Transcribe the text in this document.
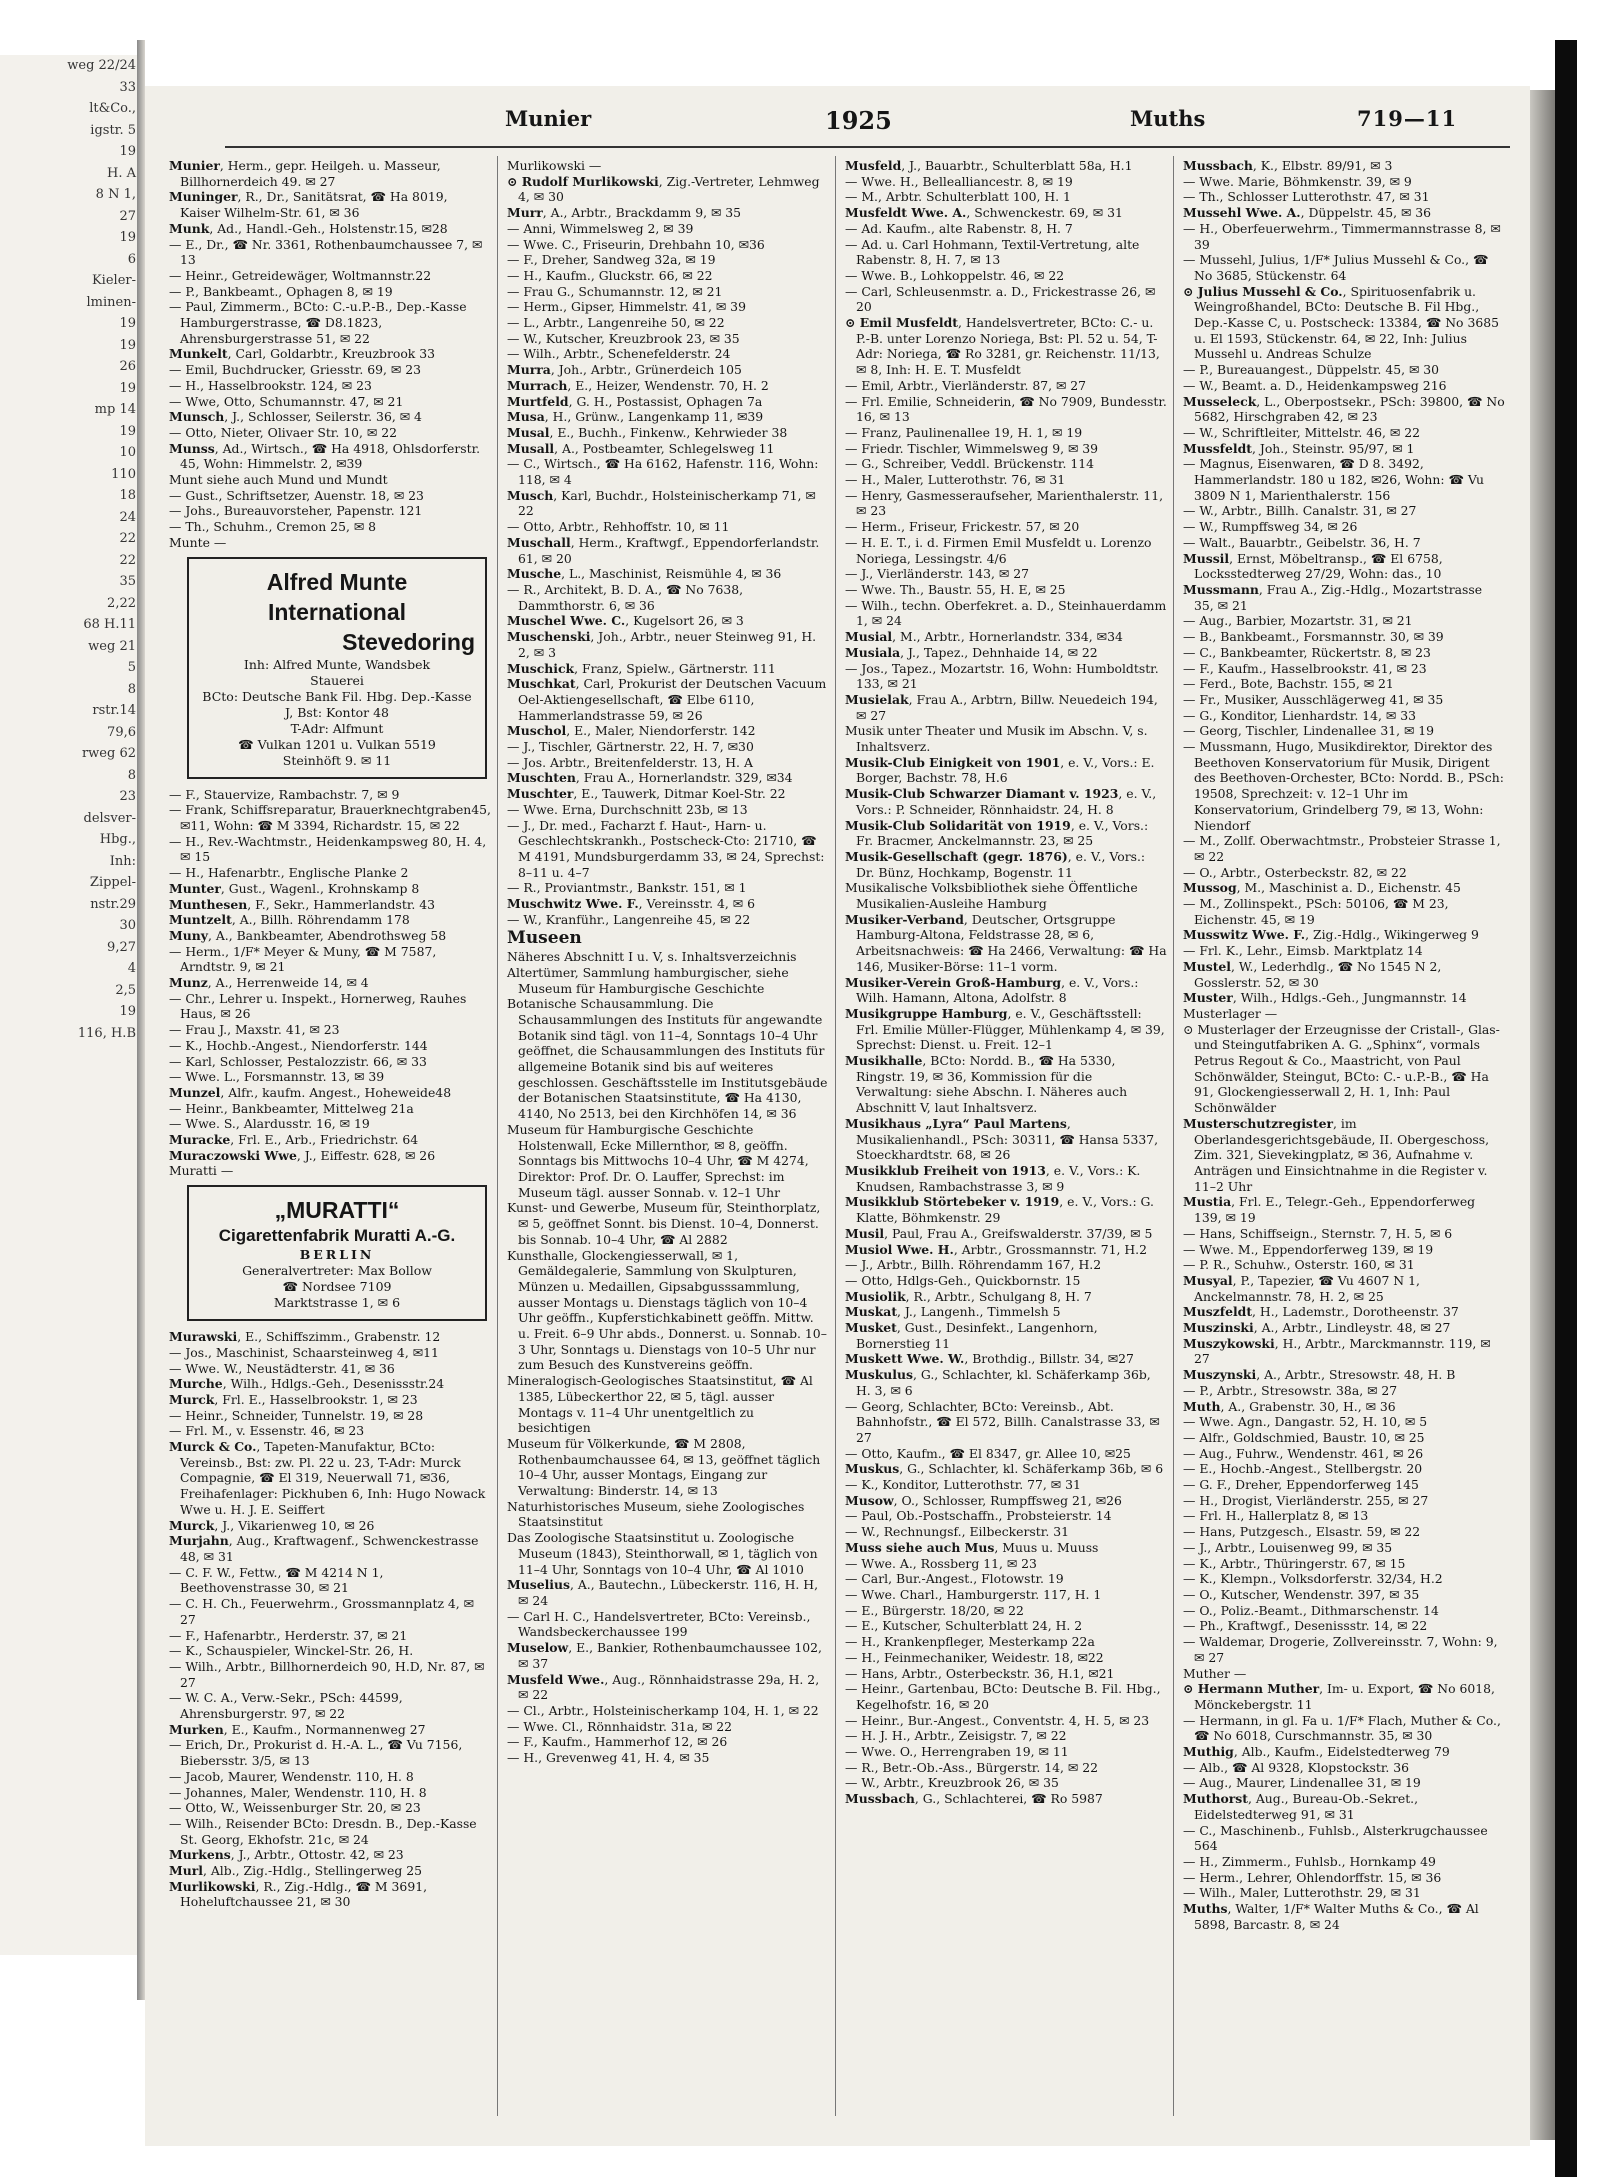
weg 22/24
33
lt&Co.,
igstr. 5
19
H. A
8 N 1,
27
19
6
Kieler-
lminen-
19
19
26
19
mp 14
19
10
110
18
24
22
22
35
2,22
68 H.11
weg 21
5
8
rstr.14
79,6
rweg 62
8
23
delsver-
Hbg.,
Inh:
Zippel-
nstr.29
30
9,27
4
2,5
19
116, H.B
Munier	1925	Muths	719—11
Munier, Herm., gepr. Heilgeh. u. Masseur, Billhornerdeich 49. ✉ 27
Muninger, R., Dr., Sanitätsrat, ☎ Ha 8019, Kaiser Wilhelm-Str. 61, ✉ 36
Munk, Ad., Handl.-Geh., Holstenstr.15, ✉28
— E., Dr., ☎ Nr. 3361, Rothenbaumchaussee 7, ✉ 13
— Heinr., Getreidewäger, Woltmannstr.22
— P., Bankbeamt., Ophagen 8, ✉ 19
— Paul, Zimmerm., BCto: C.-u.P.-B., Dep.-Kasse Hamburgerstrasse, ☎ D8.1823, Ahrensburgerstrasse 51, ✉ 22
Munkelt, Carl, Goldarbtr., Kreuzbrook 33
— Emil, Buchdrucker, Griesstr. 69, ✉ 23
— H., Hasselbrookstr. 124, ✉ 23
— Wwe, Otto, Schumannstr. 47, ✉ 21
Munsch, J., Schlosser, Seilerstr. 36, ✉ 4
— Otto, Nieter, Olivaer Str. 10, ✉ 22
Munss, Ad., Wirtsch., ☎ Ha 4918, Ohlsdorferstr. 45, Wohn: Himmelstr. 2, ✉39
Munt siehe auch Mund und Mundt
— Gust., Schriftsetzer, Auenstr. 18, ✉ 23
— Johs., Bureauvorsteher, Papenstr. 121
— Th., Schuhm., Cremon 25, ✉ 8
Munte —
Alfred Munte
International
Stevedoring
Inh: Alfred Munte, Wandsbek
Stauerei
BCto: Deutsche Bank Fil. Hbg. Dep.-Kasse J, Bst: Kontor 48
T-Adr: Alfmunt
☎ Vulkan 1201 u. Vulkan 5519
Steinhöft 9. ✉ 11
— F., Stauervize, Rambachstr. 7, ✉ 9
— Frank, Schiffsreparatur, Brauerknechtgraben45, ✉11, Wohn: ☎ M 3394, Richardstr. 15, ✉ 22
— H., Rev.-Wachtmstr., Heidenkampsweg 80, H. 4, ✉ 15
— H., Hafenarbtr., Englische Planke 2
Munter, Gust., Wagenl., Krohnskamp 8
Munthesen, F., Sekr., Hammerlandstr. 43
Muntzelt, A., Billh. Röhrendamm 178
Muny, A., Bankbeamter, Abendrothsweg 58
— Herm., 1/F* Meyer & Muny, ☎ M 7587, Arndtstr. 9, ✉ 21
Munz, A., Herrenweide 14, ✉ 4
— Chr., Lehrer u. Inspekt., Hornerweg, Rauhes Haus, ✉ 26
— Frau J., Maxstr. 41, ✉ 23
— K., Hochb.-Angest., Niendorferstr. 144
— Karl, Schlosser, Pestalozzistr. 66, ✉ 33
— Wwe. L., Forsmannstr. 13, ✉ 39
Munzel, Alfr., kaufm. Angest., Hoheweide48
— Heinr., Bankbeamter, Mittelweg 21a
— Wwe. S., Alardusstr. 16, ✉ 19
Muracke, Frl. E., Arb., Friedrichstr. 64
Muraczowski Wwe, J., Eiffestr. 628, ✉ 26
Muratti —
„MURATTI“
Cigarettenfabrik Muratti A.-G.
BERLIN
Generalvertreter: Max Bollow
☎ Nordsee 7109
Marktstrasse 1, ✉ 6
Murawski, E., Schiffszimm., Grabenstr. 12
— Jos., Maschinist, Schaarsteinweg 4, ✉11
— Wwe. W., Neustädterstr. 41, ✉ 36
Murche, Wilh., Hdlgs.-Geh., Desenissstr.24
Murck, Frl. E., Hasselbrookstr. 1, ✉ 23
— Heinr., Schneider, Tunnelstr. 19, ✉ 28
— Frl. M., v. Essenstr. 46, ✉ 23
Murck & Co., Tapeten-Manufaktur, BCto: Vereinsb., Bst: zw. Pl. 22 u. 23, T-Adr: Murck Compagnie, ☎ El 319, Neuerwall 71, ✉36, Freihafenlager: Pickhuben 6, Inh: Hugo Nowack Wwe u. H. J. E. Seiffert
Murck, J., Vikarienweg 10, ✉ 26
Murjahn, Aug., Kraftwagenf., Schwenckestrasse 48, ✉ 31
— C. F. W., Fettw., ☎ M 4214 N 1, Beethovenstrasse 30, ✉ 21
— C. H. Ch., Feuerwehrm., Grossmannplatz 4, ✉ 27
— F., Hafenarbtr., Herderstr. 37, ✉ 21
— K., Schauspieler, Winckel-Str. 26, H.
— Wilh., Arbtr., Billhornerdeich 90, H.D, Nr. 87, ✉ 27
— W. C. A., Verw.-Sekr., PSch: 44599, Ahrensburgerstr. 97, ✉ 22
Murken, E., Kaufm., Normannenweg 27
— Erich, Dr., Prokurist d. H.-A. L., ☎ Vu 7156, Biebersstr. 3/5, ✉ 13
— Jacob, Maurer, Wendenstr. 110, H. 8
— Johannes, Maler, Wendenstr. 110, H. 8
— Otto, W., Weissenburger Str. 20, ✉ 23
— Wilh., Reisender BCto: Dresdn. B., Dep.-Kasse St. Georg, Ekhofstr. 21c, ✉ 24
Murkens, J., Arbtr., Ottostr. 42, ✉ 23
Murl, Alb., Zig.-Hdlg., Stellingerweg 25
Murlikowski, R., Zig.-Hdlg., ☎ M 3691, Hoheluftchaussee 21, ✉ 30
Murlikowski —
⊙ Rudolf Murlikowski, Zig.-Vertreter, Lehmweg 4, ✉ 30
Murr, A., Arbtr., Brackdamm 9, ✉ 35
— Anni, Wimmelsweg 2, ✉ 39
— Wwe. C., Friseurin, Drehbahn 10, ✉36
— F., Dreher, Sandweg 32a, ✉ 19
— H., Kaufm., Gluckstr. 66, ✉ 22
— Frau G., Schumannstr. 12, ✉ 21
— Herm., Gipser, Himmelstr. 41, ✉ 39
— L., Arbtr., Langenreihe 50, ✉ 22
— W., Kutscher, Kreuzbrook 23, ✉ 35
— Wilh., Arbtr., Schenefelderstr. 24
Murra, Joh., Arbtr., Grünerdeich 105
Murrach, E., Heizer, Wendenstr. 70, H. 2
Murtfeld, G. H., Postassist, Ophagen 7a
Musa, H., Grünw., Langenkamp 11, ✉39
Musal, E., Buchh., Finkenw., Kehrwieder 38
Musall, A., Postbeamter, Schlegelsweg 11
— C., Wirtsch., ☎ Ha 6162, Hafenstr. 116, Wohn: 118, ✉ 4
Musch, Karl, Buchdr., Holsteinischerkamp 71, ✉ 22
— Otto, Arbtr., Rehhoffstr. 10, ✉ 11
Muschall, Herm., Kraftwgf., Eppendorferlandstr. 61, ✉ 20
Musche, L., Maschinist, Reismühle 4, ✉ 36
— R., Architekt, B. D. A., ☎ No 7638, Dammthorstr. 6, ✉ 36
Muschel Wwe. C., Kugelsort 26, ✉ 3
Muschenski, Joh., Arbtr., neuer Steinweg 91, H. 2, ✉ 3
Muschick, Franz, Spielw., Gärtnerstr. 111
Muschkat, Carl, Prokurist der Deutschen Vacuum Oel-Aktiengesellschaft, ☎ Elbe 6110, Hammerlandstrasse 59, ✉ 26
Muschol, E., Maler, Niendorferstr. 142
— J., Tischler, Gärtnerstr. 22, H. 7, ✉30
— Jos. Arbtr., Breitenfelderstr. 13, H. A
Muschten, Frau A., Hornerlandstr. 329, ✉34
Muschter, E., Tauwerk, Ditmar Koel-Str. 22
— Wwe. Erna, Durchschnitt 23b, ✉ 13
— J., Dr. med., Facharzt f. Haut-, Harn- u. Geschlechtskrankh., Postscheck-Cto: 21710, ☎ M 4191, Mundsburgerdamm 33, ✉ 24, Sprechst: 8–11 u. 4–7
— R., Proviantmstr., Bankstr. 151, ✉ 1
Muschwitz Wwe. F., Vereinsstr. 4, ✉ 6
— W., Kranführ., Langenreihe 45, ✉ 22
Museen
Näheres Abschnitt I u. V, s. Inhaltsverzeichnis
Altertümer, Sammlung hamburgischer, siehe Museum für Hamburgische Geschichte
Botanische Schausammlung. Die Schausammlungen des Instituts für angewandte Botanik sind tägl. von 11–4, Sonntags 10–4 Uhr geöffnet, die Schausammlungen des Instituts für allgemeine Botanik sind bis auf weiteres geschlossen. Geschäftsstelle im Institutsgebäude der Botanischen Staatsinstitute, ☎ Ha 4130, 4140, No 2513, bei den Kirchhöfen 14, ✉ 36
Museum für Hamburgische Geschichte Holstenwall, Ecke Millernthor, ✉ 8, geöffn. Sonntags bis Mittwochs 10–4 Uhr, ☎ M 4274, Direktor: Prof. Dr. O. Lauffer, Sprechst: im Museum tägl. ausser Sonnab. v. 12–1 Uhr
Kunst- und Gewerbe, Museum für, Steinthorplatz, ✉ 5, geöffnet Sonnt. bis Dienst. 10–4, Donnerst. bis Sonnab. 10–4 Uhr, ☎ Al 2882
Kunsthalle, Glockengiesserwall, ✉ 1, Gemäldegalerie, Sammlung von Skulpturen, Münzen u. Medaillen, Gipsabgusssammlung, ausser Montags u. Dienstags täglich von 10–4 Uhr geöffn., Kupferstichkabinett geöffn. Mittw. u. Freit. 6–9 Uhr abds., Donnerst. u. Sonnab. 10–3 Uhr, Sonntags u. Dienstags von 10–5 Uhr nur zum Besuch des Kunstvereins geöffn.
Mineralogisch-Geologisches Staatsinstitut, ☎ Al 1385, Lübeckerthor 22, ✉ 5, tägl. ausser Montags v. 11–4 Uhr unentgeltlich zu besichtigen
Museum für Völkerkunde, ☎ M 2808, Rothenbaumchaussee 64, ✉ 13, geöffnet täglich 10–4 Uhr, ausser Montags, Eingang zur Verwaltung: Binderstr. 14, ✉ 13
Naturhistorisches Museum, siehe Zoologisches Staatsinstitut
Das Zoologische Staatsinstitut u. Zoologische Museum (1843), Steinthorwall, ✉ 1, täglich von 11–4 Uhr, Sonntags von 10–4 Uhr, ☎ Al 1010
Muselius, A., Bautechn., Lübeckerstr. 116, H. H, ✉ 24
— Carl H. C., Handelsvertreter, BCto: Vereinsb., Wandsbeckerchaussee 199
Muselow, E., Bankier, Rothenbaumchaussee 102, ✉ 37
Musfeld Wwe., Aug., Rönnhaidstrasse 29a, H. 2, ✉ 22
— Cl., Arbtr., Holsteinischerkamp 104, H. 1, ✉ 22
— Wwe. Cl., Rönnhaidstr. 31a, ✉ 22
— F., Kaufm., Hammerhof 12, ✉ 26
— H., Grevenweg 41, H. 4, ✉ 35
Musfeld, J., Bauarbtr., Schulterblatt 58a, H.1
— Wwe. H., Bellealliancestr. 8, ✉ 19
— M., Arbtr. Schulterblatt 100, H. 1
Musfeldt Wwe. A., Schwenckestr. 69, ✉ 31
— Ad. Kaufm., alte Rabenstr. 8, H. 7
— Ad. u. Carl Hohmann, Textil-Vertretung, alte Rabenstr. 8, H. 7, ✉ 13
— Wwe. B., Lohkoppelstr. 46, ✉ 22
— Carl, Schleusenmstr. a. D., Frickestrasse 26, ✉ 20
⊙ Emil Musfeldt, Handelsvertreter, BCto: C.- u. P.-B. unter Lorenzo Noriega, Bst: Pl. 52 u. 54, T-Adr: Noriega, ☎ Ro 3281, gr. Reichenstr. 11/13, ✉ 8, Inh: H. E. T. Musfeldt
— Emil, Arbtr., Vierländerstr. 87, ✉ 27
— Frl. Emilie, Schneiderin, ☎ No 7909, Bundesstr. 16, ✉ 13
— Franz, Paulinenallee 19, H. 1, ✉ 19
— Friedr. Tischler, Wimmelsweg 9, ✉ 39
— G., Schreiber, Veddl. Brückenstr. 114
— H., Maler, Lutterothstr. 76, ✉ 31
— Henry, Gasmesseraufseher, Marienthalerstr. 11, ✉ 23
— Herm., Friseur, Frickestr. 57, ✉ 20
— H. E. T., i. d. Firmen Emil Musfeldt u. Lorenzo Noriega, Lessingstr. 4/6
— J., Vierländerstr. 143, ✉ 27
— Wwe. Th., Baustr. 55, H. E, ✉ 25
— Wilh., techn. Oberfekret. a. D., Steinhauerdamm 1, ✉ 24
Musial, M., Arbtr., Hornerlandstr. 334, ✉34
Musiala, J., Tapez., Dehnhaide 14, ✉ 22
— Jos., Tapez., Mozartstr. 16, Wohn: Humboldtstr. 133, ✉ 21
Musielak, Frau A., Arbtrn, Billw. Neuedeich 194, ✉ 27
Musik unter Theater und Musik im Abschn. V, s. Inhaltsverz.
Musik-Club Einigkeit von 1901, e. V., Vors.: E. Borger, Bachstr. 78, H.6
Musik-Club Schwarzer Diamant v. 1923, e. V., Vors.: P. Schneider, Rönnhaidstr. 24, H. 8
Musik-Club Solidarität von 1919, e. V., Vors.: Fr. Bracmer, Anckelmannstr. 23, ✉ 25
Musik-Gesellschaft (gegr. 1876), e. V., Vors.: Dr. Bünz, Hochkamp, Bogenstr. 11
Musikalische Volksbibliothek siehe Öffentliche Musikalien-Ausleihe Hamburg
Musiker-Verband, Deutscher, Ortsgruppe Hamburg-Altona, Feldstrasse 28, ✉ 6, Arbeitsnachweis: ☎ Ha 2466, Verwaltung: ☎ Ha 146, Musiker-Börse: 11–1 vorm.
Musiker-Verein Groß-Hamburg, e. V., Vors.: Wilh. Hamann, Altona, Adolfstr. 8
Musikgruppe Hamburg, e. V., Geschäftsstell: Frl. Emilie Müller-Flügger, Mühlenkamp 4, ✉ 39, Sprechst: Dienst. u. Freit. 12–1
Musikhalle, BCto: Nordd. B., ☎ Ha 5330, Ringstr. 19, ✉ 36, Kommission für die Verwaltung: siehe Abschn. I. Näheres auch Abschnitt V, laut Inhaltsverz.
Musikhaus „Lyra“ Paul Martens, Musikalienhandl., PSch: 30311, ☎ Hansa 5337, Stoeckhardtstr. 68, ✉ 26
Musikklub Freiheit von 1913, e. V., Vors.: K. Knudsen, Rambachstrasse 3, ✉ 9
Musikklub Störtebeker v. 1919, e. V., Vors.: G. Klatte, Böhmkenstr. 29
Musil, Paul, Frau A., Greifswalderstr. 37/39, ✉ 5
Musiol Wwe. H., Arbtr., Grossmannstr. 71, H.2
— J., Arbtr., Billh. Röhrendamm 167, H.2
— Otto, Hdlgs-Geh., Quickbornstr. 15
Musiolik, R., Arbtr., Schulgang 8, H. 7
Muskat, J., Langenh., Timmelsh 5
Musket, Gust., Desinfekt., Langenhorn, Bornerstieg 11
Muskett Wwe. W., Brothdig., Billstr. 34, ✉27
Muskulus, G., Schlachter, kl. Schäferkamp 36b, H. 3, ✉ 6
— Georg, Schlachter, BCto: Vereinsb., Abt. Bahnhofstr., ☎ El 572, Billh. Canalstrasse 33, ✉ 27
— Otto, Kaufm., ☎ El 8347, gr. Allee 10, ✉25
Muskus, G., Schlachter, kl. Schäferkamp 36b, ✉ 6
— K., Konditor, Lutterothstr. 77, ✉ 31
Musow, O., Schlosser, Rumpffsweg 21, ✉26
— Paul, Ob.-Postschaffn., Probsteierstr. 14
— W., Rechnungsf., Eilbeckerstr. 31
Muss siehe auch Mus, Muus u. Muuss
— Wwe. A., Rossberg 11, ✉ 23
— Carl, Bur.-Angest., Flotowstr. 19
— Wwe. Charl., Hamburgerstr. 117, H. 1
— E., Bürgerstr. 18/20, ✉ 22
— E., Kutscher, Schulterblatt 24, H. 2
— H., Krankenpfleger, Mesterkamp 22a
— H., Feinmechaniker, Weidestr. 18, ✉22
— Hans, Arbtr., Osterbeckstr. 36, H.1, ✉21
— Heinr., Gartenbau, BCto: Deutsche B. Fil. Hbg., Kegelhofstr. 16, ✉ 20
— Heinr., Bur.-Angest., Conventstr. 4, H. 5, ✉ 23
— H. J. H., Arbtr., Zeisigstr. 7, ✉ 22
— Wwe. O., Herrengraben 19, ✉ 11
— R., Betr.-Ob.-Ass., Bürgerstr. 14, ✉ 22
— W., Arbtr., Kreuzbrook 26, ✉ 35
Mussbach, G., Schlachterei, ☎ Ro 5987
Mussbach, K., Elbstr. 89/91, ✉ 3
— Wwe. Marie, Böhmkenstr. 39, ✉ 9
— Th., Schlosser Lutterothstr. 47, ✉ 31
Mussehl Wwe. A., Düppelstr. 45, ✉ 36
— H., Oberfeuerwehrm., Timmermannstrasse 8, ✉ 39
— Mussehl, Julius, 1/F* Julius Mussehl & Co., ☎ No 3685, Stückenstr. 64
⊙ Julius Mussehl & Co., Spirituosenfabrik u. Weingroßhandel, BCto: Deutsche B. Fil Hbg., Dep.-Kasse C, u. Postscheck: 13384, ☎ No 3685 u. El 1593, Stückenstr. 64, ✉ 22, Inh: Julius Mussehl u. Andreas Schulze
— P., Bureauangest., Düppelstr. 45, ✉ 30
— W., Beamt. a. D., Heidenkampsweg 216
Musseleck, L., Oberpostsekr., PSch: 39800, ☎ No 5682, Hirschgraben 42, ✉ 23
— W., Schriftleiter, Mittelstr. 46, ✉ 22
Mussfeldt, Joh., Steinstr. 95/97, ✉ 1
— Magnus, Eisenwaren, ☎ D 8. 3492, Hammerlandstr. 180 u 182, ✉26, Wohn: ☎ Vu 3809 N 1, Marienthalerstr. 156
— W., Arbtr., Billh. Canalstr. 31, ✉ 27
— W., Rumpffsweg 34, ✉ 26
— Walt., Bauarbtr., Geibelstr. 36, H. 7
Mussil, Ernst, Möbeltransp., ☎ El 6758, Locksstedterweg 27/29, Wohn: das., 10
Mussmann, Frau A., Zig.-Hdlg., Mozartstrasse 35, ✉ 21
— Aug., Barbier, Mozartstr. 31, ✉ 21
— B., Bankbeamt., Forsmannstr. 30, ✉ 39
— C., Bankbeamter, Rückertstr. 8, ✉ 23
— F., Kaufm., Hasselbrookstr. 41, ✉ 23
— Ferd., Bote, Bachstr. 155, ✉ 21
— Fr., Musiker, Ausschlägerweg 41, ✉ 35
— G., Konditor, Lienhardstr. 14, ✉ 33
— Georg, Tischler, Lindenallee 31, ✉ 19
— Mussmann, Hugo, Musikdirektor, Direktor des Beethoven Konservatorium für Musik, Dirigent des Beethoven-Orchester, BCto: Nordd. B., PSch: 19508, Sprechzeit: v. 12–1 Uhr im Konservatorium, Grindelberg 79, ✉ 13, Wohn: Niendorf
— M., Zollf. Oberwachtmstr., Probsteier Strasse 1, ✉ 22
— O., Arbtr., Osterbeckstr. 82, ✉ 22
Mussog, M., Maschinist a. D., Eichenstr. 45
— M., Zollinspekt., PSch: 50106, ☎ M 23, Eichenstr. 45, ✉ 19
Musswitz Wwe. F., Zig.-Hdlg., Wikingerweg 9
— Frl. K., Lehr., Eimsb. Marktplatz 14
Mustel, W., Lederhdlg., ☎ No 1545 N 2, Gosslerstr. 52, ✉ 30
Muster, Wilh., Hdlgs.-Geh., Jungmannstr. 14
Musterlager —
⊙ Musterlager der Erzeugnisse der Cristall-, Glas- und Steingutfabriken A. G. „Sphinx“, vormals Petrus Regout & Co., Maastricht, von Paul Schönwälder, Steingut, BCto: C.- u.P.-B., ☎ Ha 91, Glockengiesserwall 2, H. 1, Inh: Paul Schönwälder
Musterschutzregister, im Oberlandesgerichtsgebäude, II. Obergeschoss, Zim. 321, Sievekingplatz, ✉ 36, Aufnahme v. Anträgen und Einsichtnahme in die Register v. 11–2 Uhr
Mustia, Frl. E., Telegr.-Geh., Eppendorferweg 139, ✉ 19
— Hans, Schiffseign., Sternstr. 7, H. 5, ✉ 6
— Wwe. M., Eppendorferweg 139, ✉ 19
— P. R., Schuhw., Osterstr. 160, ✉ 31
Musyal, P., Tapezier, ☎ Vu 4607 N 1, Anckelmannstr. 78, H. 2, ✉ 25
Muszfeldt, H., Lademstr., Dorotheenstr. 37
Muszinski, A., Arbtr., Lindleystr. 48, ✉ 27
Muszykowski, H., Arbtr., Marckmannstr. 119, ✉ 27
Muszynski, A., Arbtr., Stresowstr. 48, H. B
— P., Arbtr., Stresowstr. 38a, ✉ 27
Muth, A., Grabenstr. 30, H., ✉ 36
— Wwe. Agn., Dangastr. 52, H. 10, ✉ 5
— Alfr., Goldschmied, Baustr. 10, ✉ 25
— Aug., Fuhrw., Wendenstr. 461, ✉ 26
— E., Hochb.-Angest., Stellbergstr. 20
— G. F., Dreher, Eppendorferweg 145
— H., Drogist, Vierländerstr. 255, ✉ 27
— Frl. H., Hallerplatz 8, ✉ 13
— Hans, Putzgesch., Elsastr. 59, ✉ 22
— J., Arbtr., Louisenweg 99, ✉ 35
— K., Arbtr., Thüringerstr. 67, ✉ 15
— K., Klempn., Volksdorferstr. 32/34, H.2
— O., Kutscher, Wendenstr. 397, ✉ 35
— O., Poliz.-Beamt., Dithmarschenstr. 14
— Ph., Kraftwgf., Desenissstr. 14, ✉ 22
— Waldemar, Drogerie, Zollvereinsstr. 7, Wohn: 9, ✉ 27
Muther —
⊙ Hermann Muther, Im- u. Export, ☎ No 6018, Mönckebergstr. 11
— Hermann, in gl. Fa u. 1/F* Flach, Muther & Co., ☎ No 6018, Curschmannstr. 35, ✉ 30
Muthig, Alb., Kaufm., Eidelstedterweg 79
— Alb., ☎ Al 9328, Klopstockstr. 36
— Aug., Maurer, Lindenallee 31, ✉ 19
Muthorst, Aug., Bureau-Ob.-Sekret., Eidelstedterweg 91, ✉ 31
— C., Maschinenb., Fuhlsb., Alsterkrugchaussee 564
— H., Zimmerm., Fuhlsb., Hornkamp 49
— Herm., Lehrer, Ohlendorffstr. 15, ✉ 36
— Wilh., Maler, Lutterothstr. 29, ✉ 31
Muths, Walter, 1/F* Walter Muths & Co., ☎ Al 5898, Barcastr. 8, ✉ 24
